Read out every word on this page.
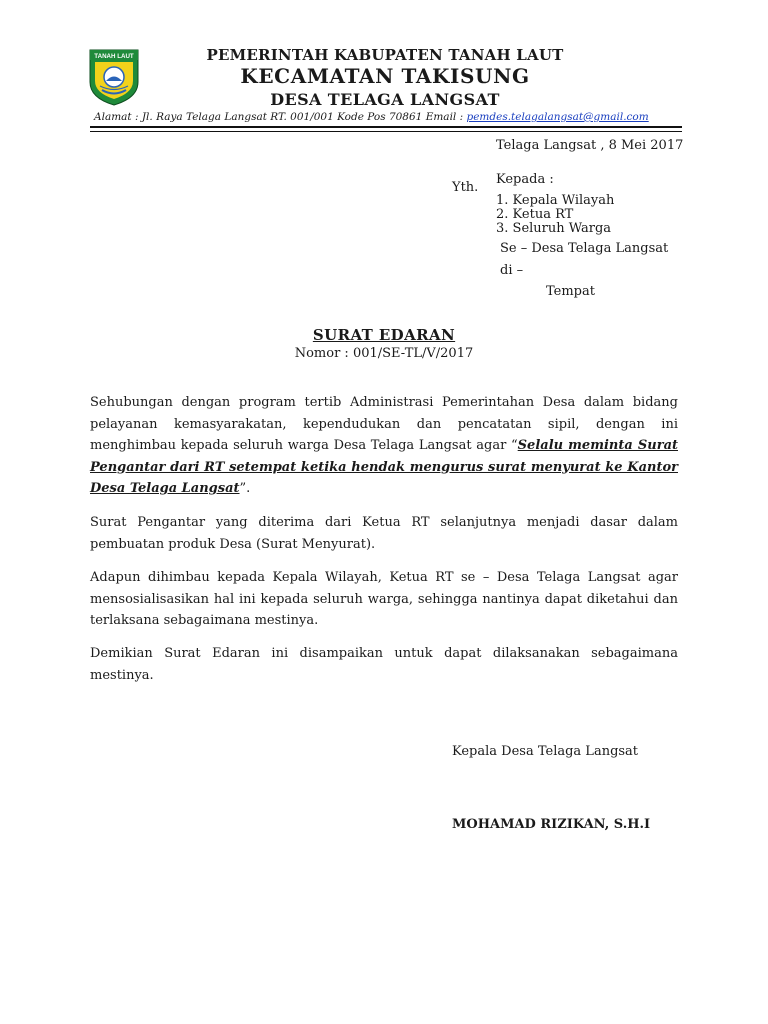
TANAH LAUT	PEMERINTAH KABUPATEN TANAH LAUT
KECAMATAN TAKISUNG
DESA TELAGA LANGSAT
Alamat : Jl. Raya Telaga Langsat RT. 001/001 Kode Pos 70861 Email : pemdes.telagalangsat@gmail.com
Telaga Langsat , 8 Mei 2017
Yth.
Kepada :
1. Kepala Wilayah
2. Ketua RT
3. Seluruh Warga
Se – Desa Telaga Langsat
di –
Tempat
SURAT EDARAN
Nomor : 001/SE-TL/V/2017
Sehubungan dengan program tertib Administrasi Pemerintahan Desa dalam bidang pelayanan kemasyarakatan, kependudukan dan pencatatan sipil, dengan ini menghimbau kepada seluruh warga Desa Telaga Langsat agar “Selalu meminta Surat Pengantar dari RT setempat ketika hendak mengurus surat menyurat ke Kantor Desa Telaga Langsat”.
Surat Pengantar yang diterima dari Ketua RT selanjutnya menjadi dasar dalam pembuatan produk Desa (Surat Menyurat).
Adapun dihimbau kepada Kepala Wilayah, Ketua RT se – Desa Telaga Langsat agar mensosialisasikan hal ini kepada seluruh warga, sehingga nantinya dapat diketahui dan terlaksana sebagaimana mestinya.
Demikian Surat Edaran ini disampaikan untuk dapat dilaksanakan sebagaimana mestinya.
Kepala Desa Telaga Langsat
MOHAMAD RIZIKAN, S.H.I
